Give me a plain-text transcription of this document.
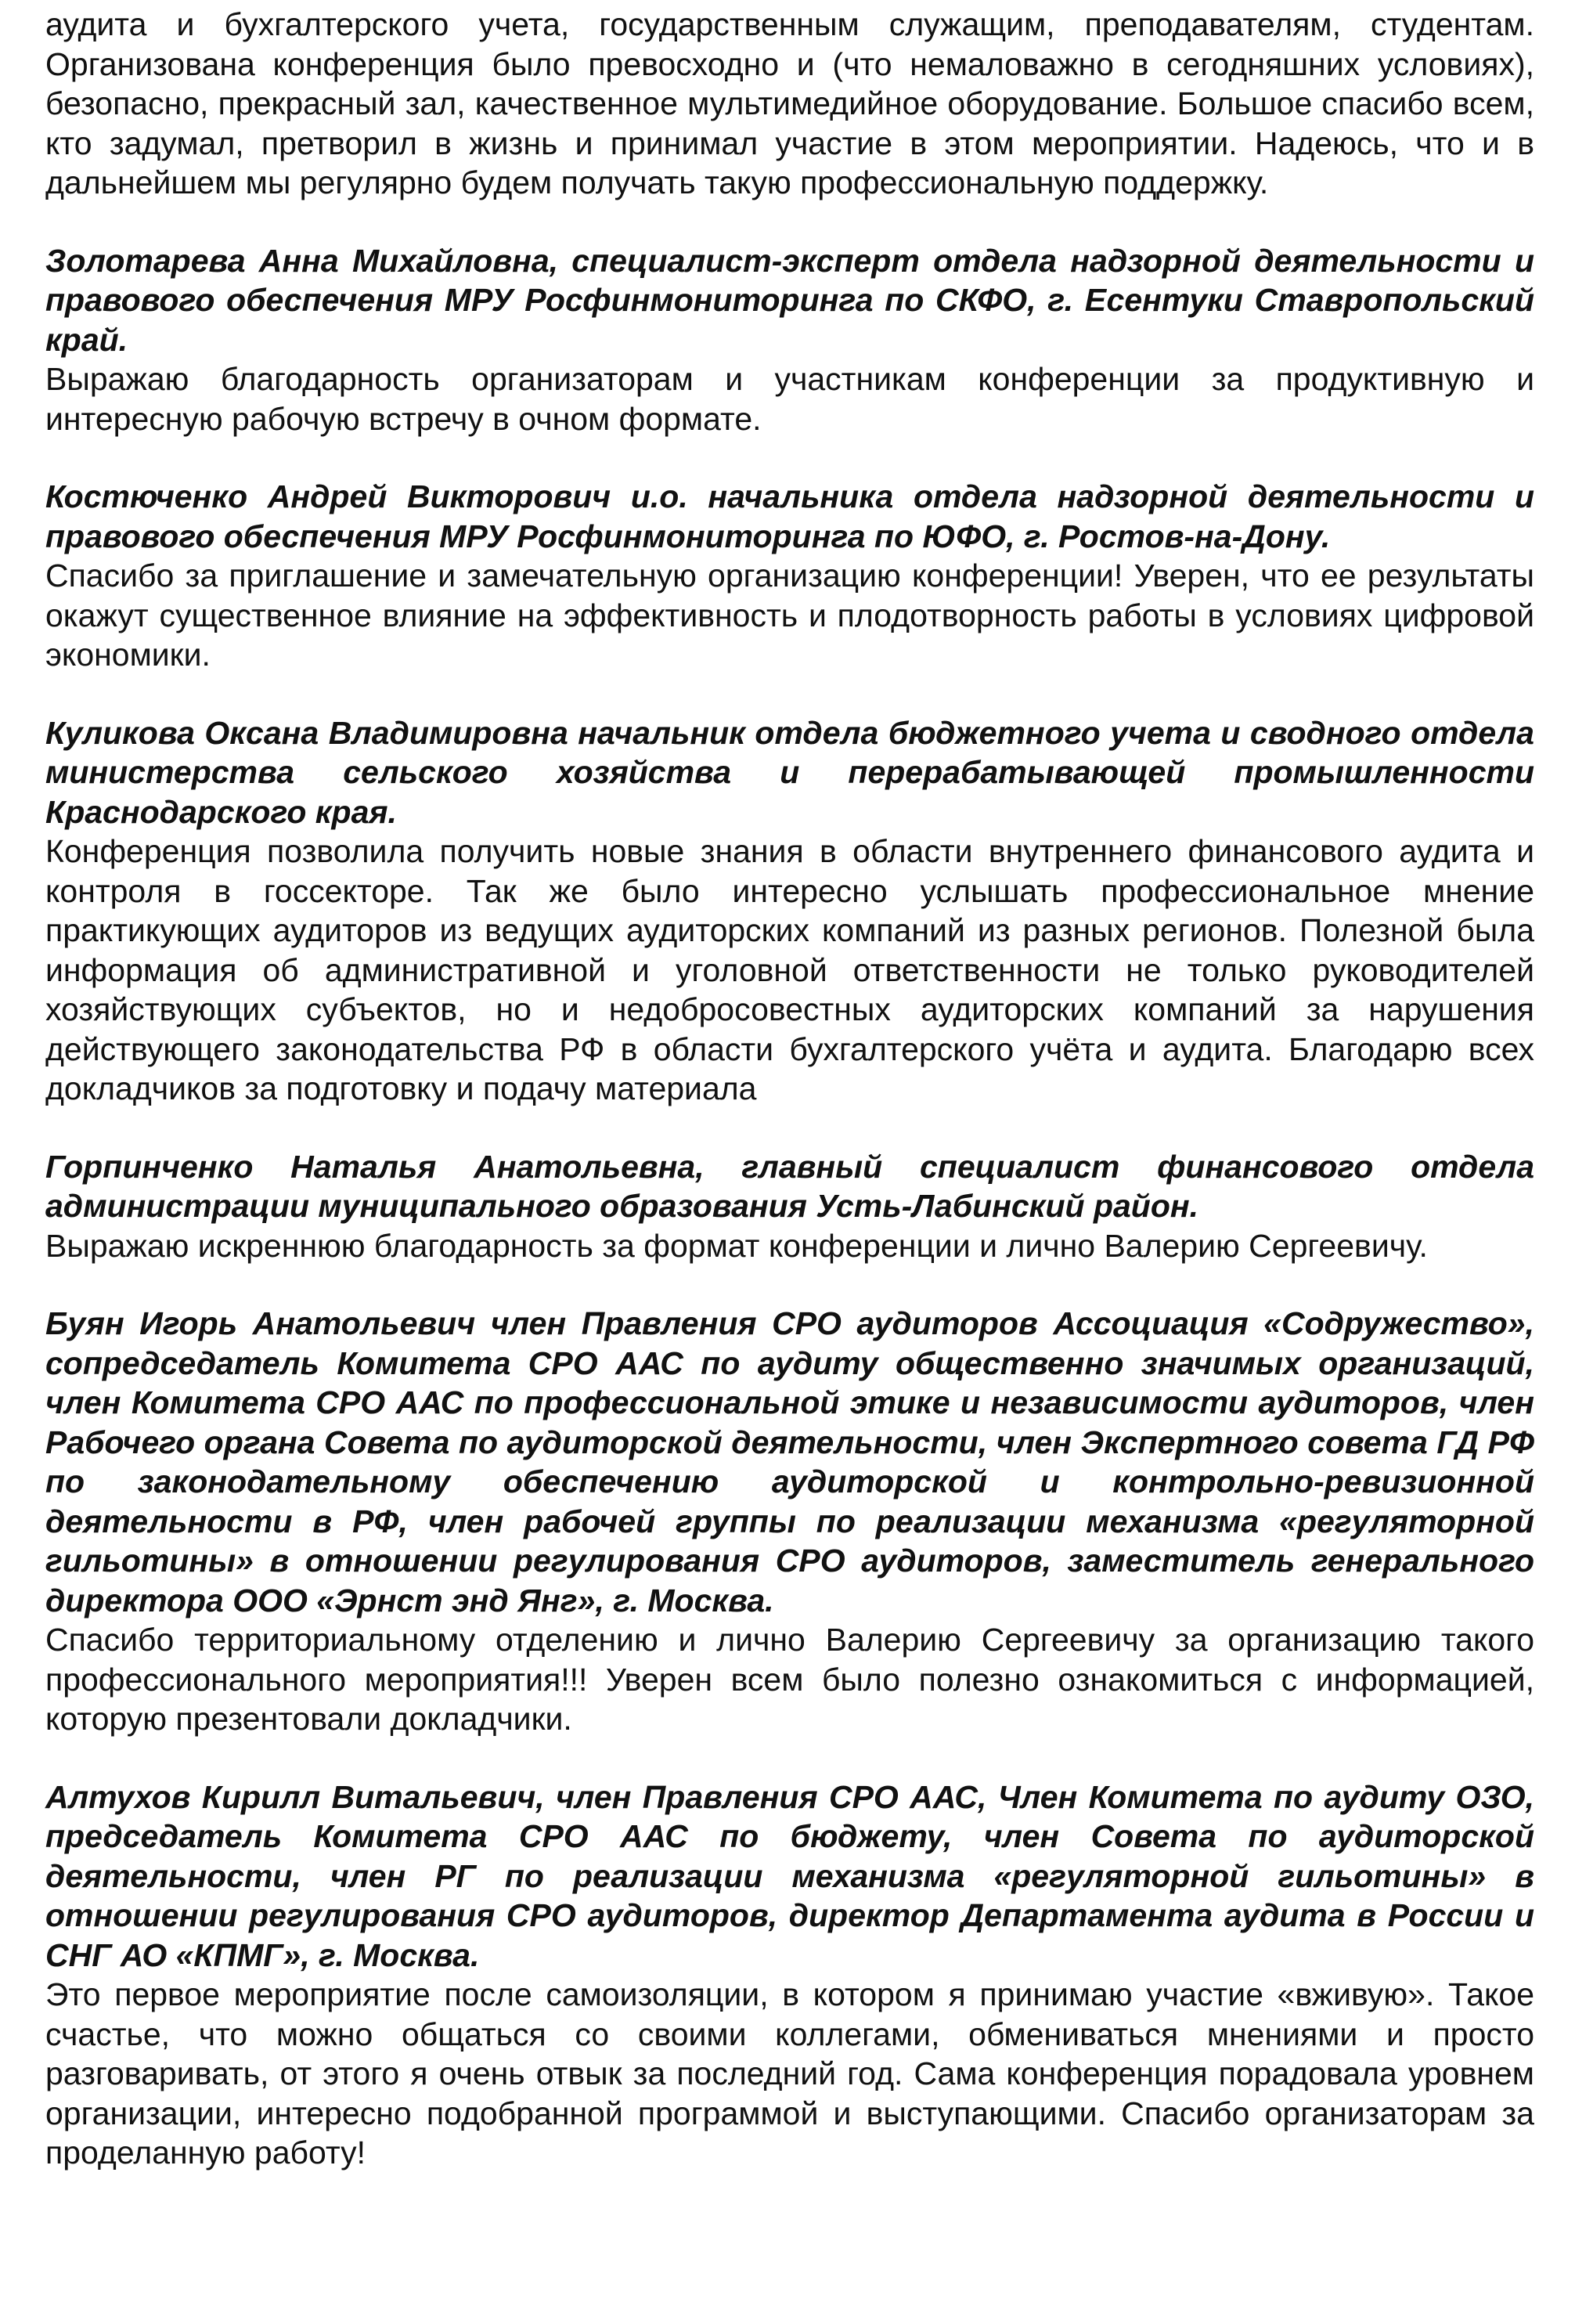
аудита и бухгалтерского учета, государственным служащим, преподавателям, студентам. Организована конференция было превосходно и (что немаловажно в сегодняшних условиях), безопасно, прекрасный зал, качественное мультимедийное оборудование. Большое спасибо всем, кто задумал, претворил в жизнь и принимал участие в этом мероприятии. Надеюсь, что и в дальнейшем мы регулярно будем получать такую профессиональную поддержку.

Золотарева Анна Михайловна, специалист-эксперт отдела надзорной деятельности и правового обеспечения МРУ Росфинмониторинга по СКФО, г. Есентуки Ставропольский край.

Выражаю благодарность организаторам и участникам конференции за продуктивную и интересную рабочую встречу в очном формате.

Костюченко Андрей Викторович и.о. начальника отдела надзорной деятельности и правового обеспечения МРУ Росфинмониторинга по ЮФО, г. Ростов-на-Дону.

Спасибо за приглашение и замечательную организацию конференции! Уверен, что ее результаты окажут существенное влияние на эффективность и плодотворность работы в условиях цифровой экономики.

Куликова Оксана Владимировна начальник отдела бюджетного учета и сводного отдела министерства сельского хозяйства и перерабатывающей промышленности Краснодарского края.

Конференция позволила получить новые знания в области внутреннего финансового аудита и контроля в госсекторе. Так же было интересно услышать профессиональное мнение практикующих аудиторов из ведущих аудиторских компаний из разных регионов. Полезной была информация об административной и уголовной ответственности не только руководителей хозяйствующих субъектов, но и недобросовестных аудиторских компаний за нарушения действующего законодательства РФ в области бухгалтерского учёта и аудита. Благодарю всех докладчиков за подготовку и подачу материала

Горпинченко Наталья Анатольевна, главный специалист финансового отдела администрации муниципального образования Усть-Лабинский район.

Выражаю искреннюю благодарность за формат конференции и лично Валерию Сергеевичу.

Буян Игорь Анатольевич член Правления СРО аудиторов Ассоциация «Содружество», сопредседатель Комитета СРО ААС по аудиту общественно значимых организаций, член Комитета СРО ААС по профессиональной этике и независимости аудиторов, член Рабочего органа Совета по аудиторской деятельности, член Экспертного совета ГД РФ по законодательному обеспечению аудиторской и контрольно-ревизионной деятельности в РФ, член рабочей группы по реализации механизма «регуляторной гильотины» в отношении регулирования СРО аудиторов, заместитель генерального директора ООО «Эрнст энд Янг», г. Москва.

Спасибо территориальному отделению и лично Валерию Сергеевичу за организацию такого профессионального мероприятия!!! Уверен всем было полезно ознакомиться с информацией, которую презентовали докладчики.

Алтухов Кирилл Витальевич, член Правления СРО ААС, Член Комитета по аудиту ОЗО, председатель Комитета СРО ААС по бюджету, член Совета по аудиторской деятельности, член РГ по реализации механизма «регуляторной гильотины» в отношении регулирования СРО аудиторов, директор Департамента аудита в России и СНГ АО «КПМГ», г. Москва.

Это первое мероприятие после самоизоляции, в котором я принимаю участие «вживую». Такое счастье, что можно общаться со своими коллегами, обмениваться мнениями и просто разговаривать, от этого я очень отвык за последний год. Сама конференция порадовала уровнем организации, интересно подобранной программой и выступающими. Спасибо организаторам за проделанную работу!
